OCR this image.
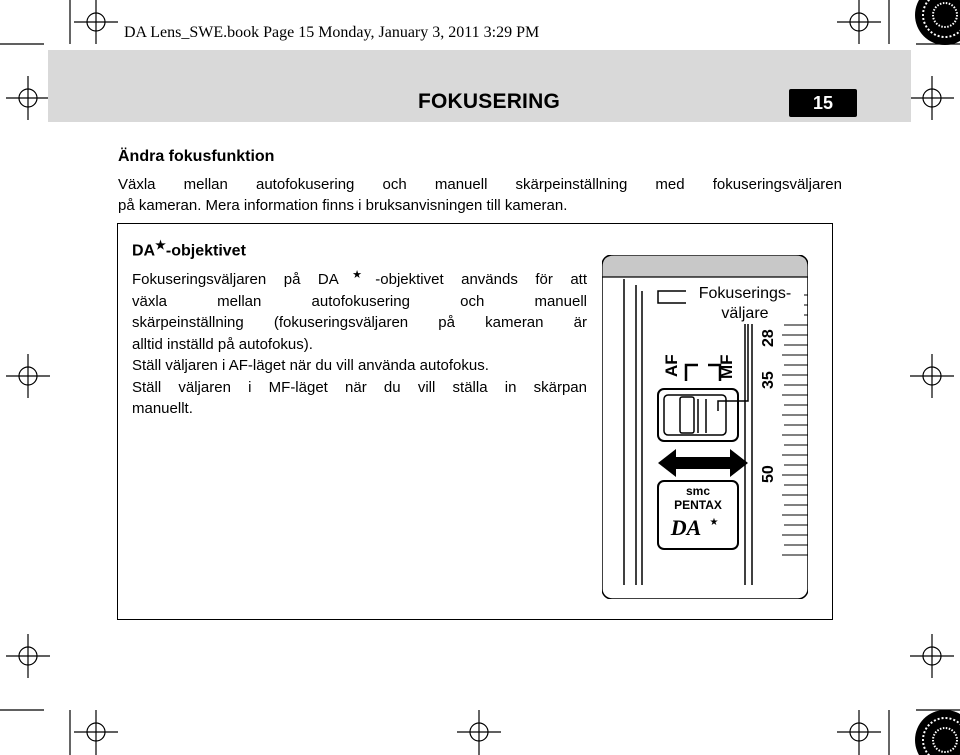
DA Lens_SWE.book Page 15 Monday, January 3, 2011 3:29 PM
FOKUSERING	15
Ändra fokusfunktion
Växla mellan autofokusering och manuell skärpeinställning med fokuseringsväljaren
på kameran. Mera information finns i bruksanvisningen till kameran.
DA★-objektivet
Fokuseringsväljaren på DA★-objektivet används för att
växla mellan autofokusering och manuell
skärpeinställning (fokuseringsväljaren på kameran är
alltid inställd på autofokus).
Ställ väljaren i AF-läget när du vill använda autofokus.
Ställ väljaren i MF-läget när du vill ställa in skärpan
manuellt.
28
35
50
AF MF
smc
PENTAX
DA ★
Fokuserings-
väljare
